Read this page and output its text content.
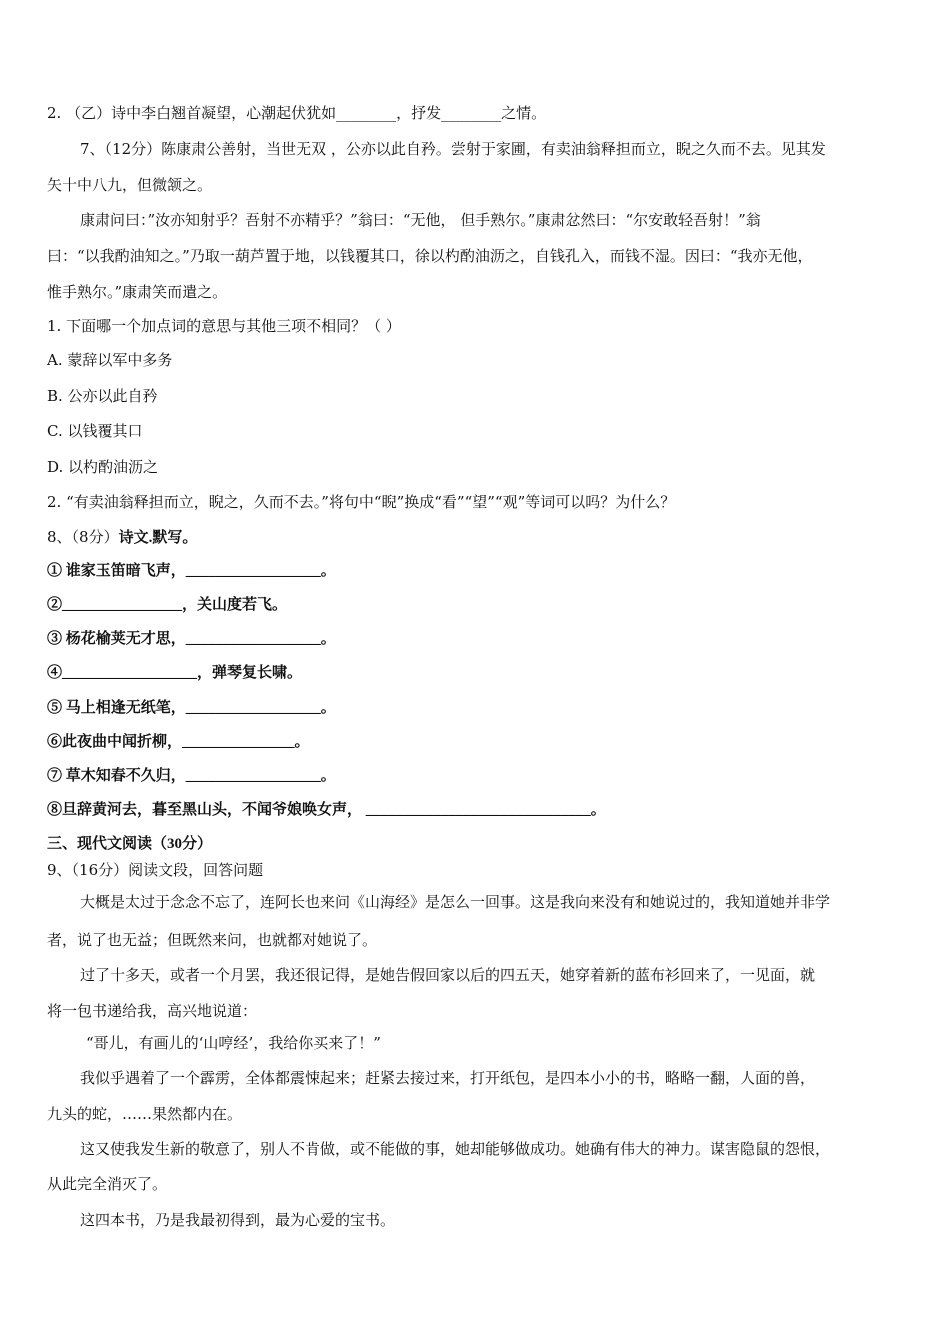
2. （乙）诗中李白翘首凝望，心潮起伏犹如________，抒发________之情。
7、（12分）陈康肃公善射，当世无双 ，公亦以此自矜。尝射于家圃，有卖油翁释担而立，睨之久而不去。见其发
矢十中八九，但微颔之。
康肃问曰：”汝亦知射乎？吾射不亦精乎？”翁曰：“无他， 但手熟尔。”康肃忿然曰：“尔安敢轻吾射！”翁
曰：“以我酌油知之。”乃取一葫芦置于地，以钱覆其口，徐以杓酌油沥之，自钱孔入，而钱不湿。因曰：“我亦无他，
惟手熟尔。”康肃笑而遣之。
1. 下面哪一个加点词的意思与其他三项不相同？（ ）
A. 蒙辞以军中多务
B. 公亦以此自矜
C. 以钱覆其口
D. 以杓酌油沥之
2. “有卖油翁释担而立，睨之，久而不去。”将句中“睨”换成“看”“望”“观”等词可以吗？为什么？
8、（8分）诗文.默写。
① 谁家玉笛暗飞声，__________________。
②________________，关山度若飞。
③ 杨花榆荚无才思，__________________。
④__________________，弹琴复长啸。
⑤ 马上相逢无纸笔，__________________。
⑥此夜曲中闻折柳，_______________。
⑦ 草木知春不久归，__________________。
⑧旦辞黄河去，暮至黑山头，不闻爷娘唤女声， ______________________________。
三、现代文阅读（30分）
9、（16分）阅读文段，回答问题
大概是太过于念念不忘了，连阿长也来问《山海经》是怎么一回事。这是我向来没有和她说过的，我知道她并非学
者，说了也无益；但既然来问，也就都对她说了。
过了十多天，或者一个月罢，我还很记得，是她告假回家以后的四五天，她穿着新的蓝布衫回来了，一见面，就
将一包书递给我，高兴地说道：
“哥儿，有画儿的‘山哼经’，我给你买来了！”
我似乎遇着了一个霹雳，全体都震悚起来；赶紧去接过来，打开纸包，是四本小小的书，略略一翻，人面的兽，
九头的蛇，……果然都内在。
这又使我发生新的敬意了，别人不肯做，或不能做的事，她却能够做成功。她确有伟大的神力。谋害隐鼠的怨恨，
从此完全消灭了。
这四本书，乃是我最初得到，最为心爱的宝书。
